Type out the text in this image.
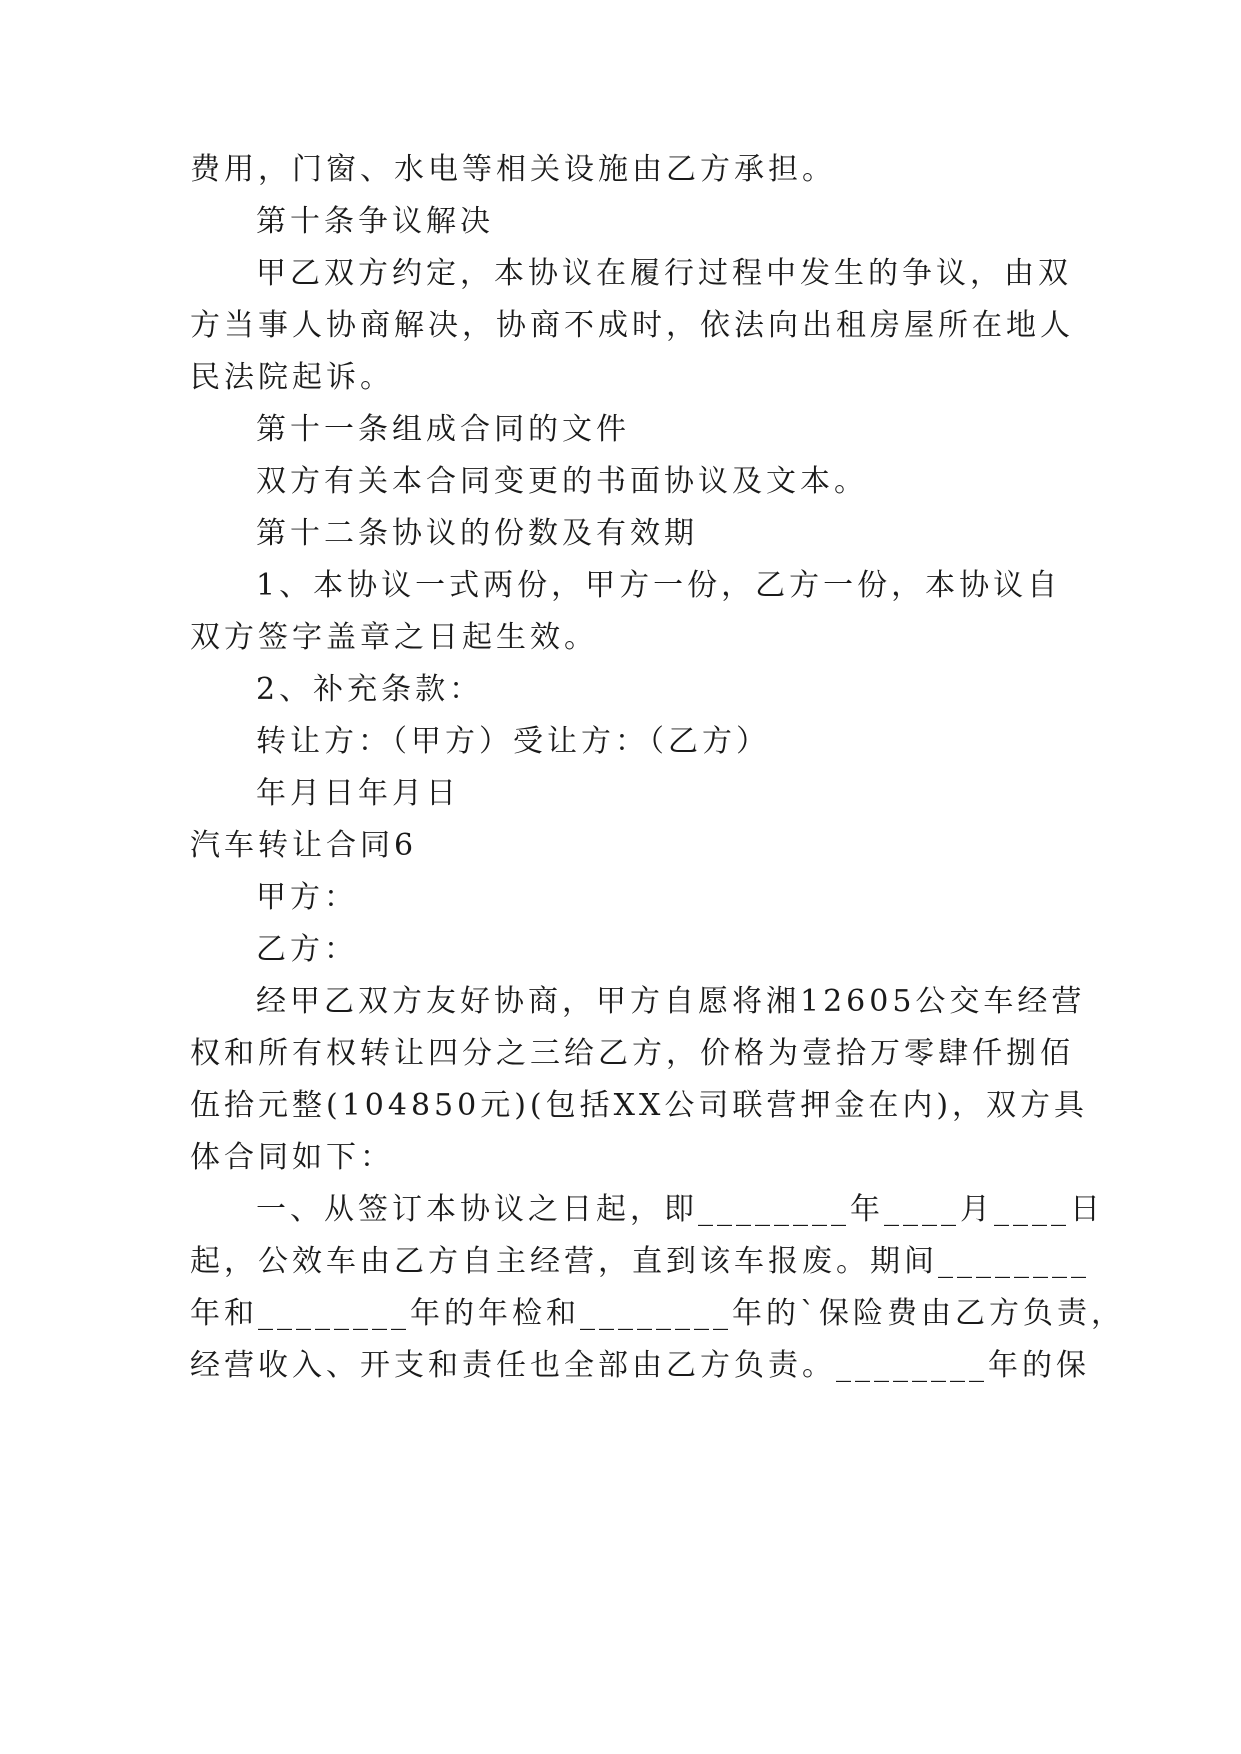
费用，门窗、水电等相关设施由乙方承担。
第十条争议解决
甲乙双方约定，本协议在履行过程中发生的争议，由双
方当事人协商解决，协商不成时，依法向出租房屋所在地人
民法院起诉。
第十一条组成合同的文件
双方有关本合同变更的书面协议及文本。
第十二条协议的份数及有效期
1、本协议一式两份，甲方一份，乙方一份，本协议自
双方签字盖章之日起生效。
2、补充条款：
转让方：（甲方）受让方：（乙方）
年月日年月日
汽车转让合同6
甲方：
乙方：
经甲乙双方友好协商，甲方自愿将湘12605公交车经营
权和所有权转让四分之三给乙方，价格为壹拾万零肆仟捌佰
伍拾元整(104850元)(包括XX公司联营押金在内)，双方具
体合同如下：
一、从签订本协议之日起，即________年____月____日
起，公效车由乙方自主经营，直到该车报废。期间________
年和________年的年检和________年的`保险费由乙方负责，
经营收入、开支和责任也全部由乙方负责。________年的保
